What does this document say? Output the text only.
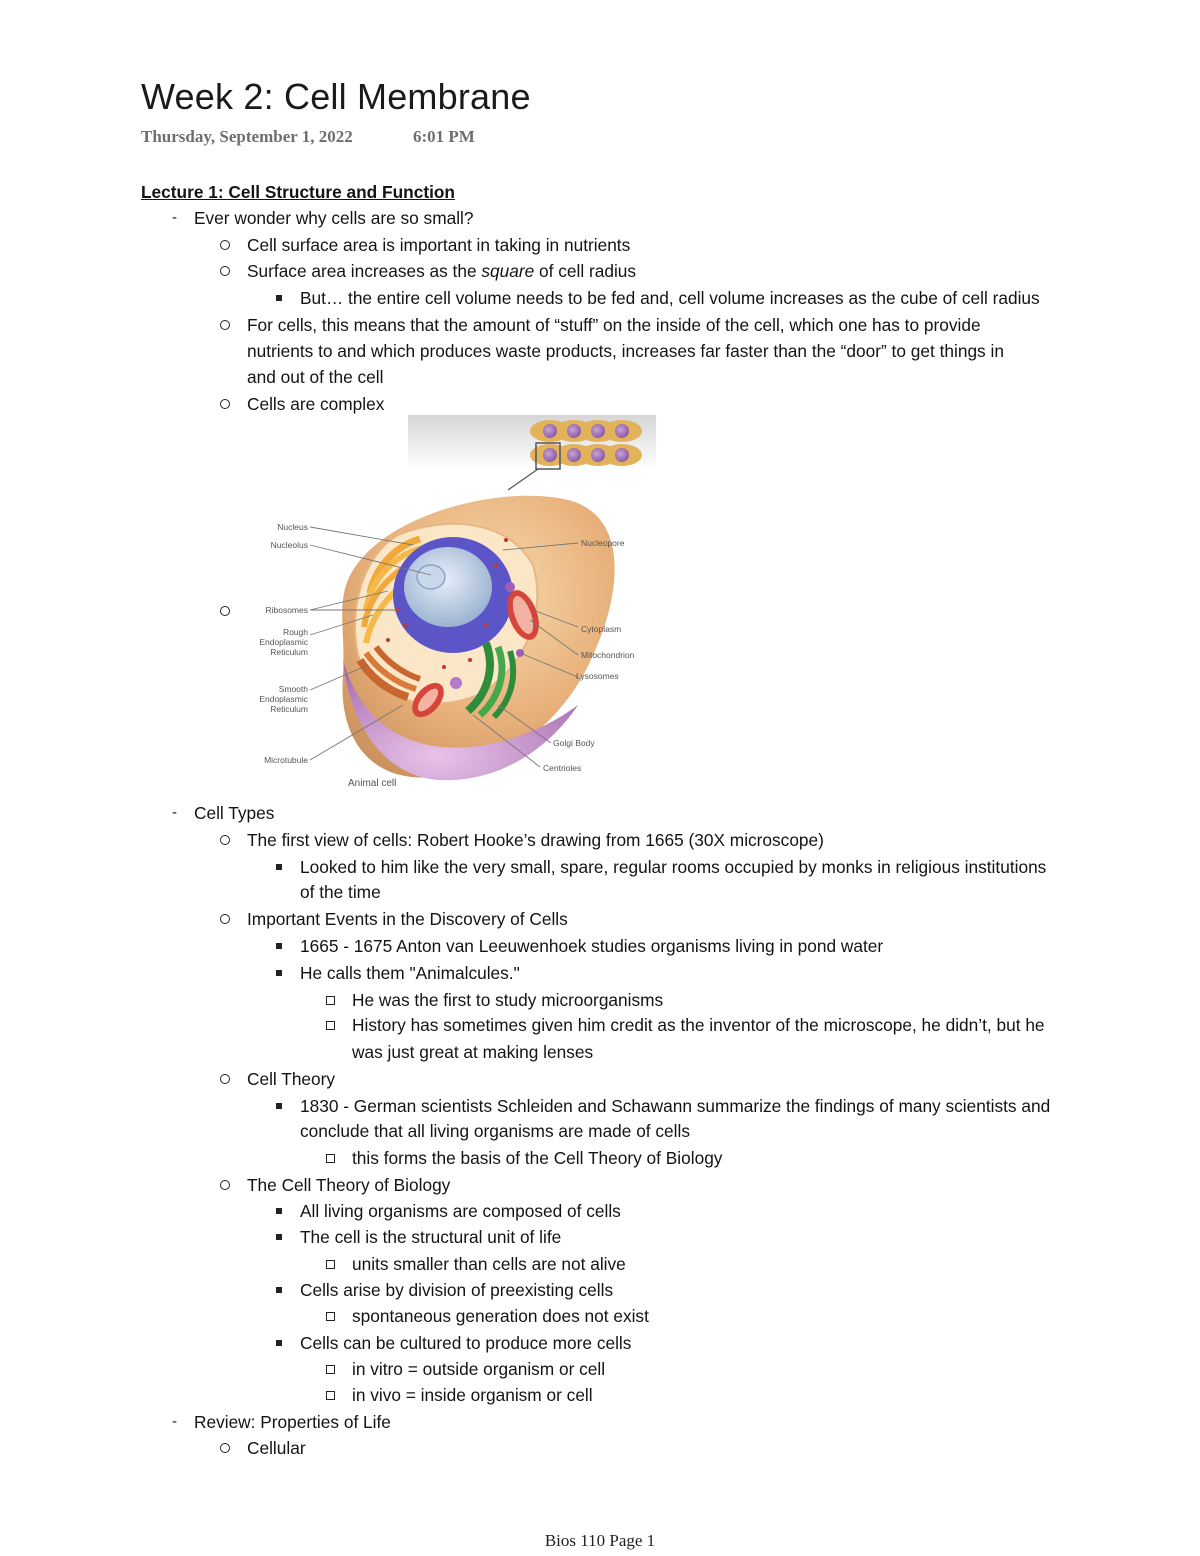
Week 2: Cell Membrane
Thursday, September 1, 2022	6:01 PM
Lecture 1: Cell Structure and Function
- Ever wonder why cells are so small?
Cell surface area is important in taking in nutrients
Surface area increases as the square of cell radius
But… the entire cell volume needs to be fed and, cell volume increases as the cube of cell radius
For cells, this means that the amount of “stuff” on the inside of the cell, which one has to provide
nutrients to and which produces waste products, increases far faster than the “door” to get things in
and out of the cell
Cells are complex
Nucleus
Nucleolus
Ribosomes
Rough
Endoplasmic
Reticulum
Smooth
Endoplasmic
Reticulum
Microtubule
Nucleopore
Cytoplasm
Mitochondrion
Lysosomes
Golgi Body
Centrioles
Animal cell
- Cell Types
The first view of cells: Robert Hooke’s drawing from 1665 (30X microscope)
Looked to him like the very small, spare, regular rooms occupied by monks in religious institutions
of the time
Important Events in the Discovery of Cells
1665 - 1675 Anton van Leeuwenhoek studies organisms living in pond water
He calls them "Animalcules."
He was the first to study microorganisms
History has sometimes given him credit as the inventor of the microscope, he didn’t, but he
was just great at making lenses
Cell Theory
1830 - German scientists Schleiden and Schawann summarize the findings of many scientists and
conclude that all living organisms are made of cells
this forms the basis of the Cell Theory of Biology
The Cell Theory of Biology
All living organisms are composed of cells
The cell is the structural unit of life
units smaller than cells are not alive
Cells arise by division of preexisting cells
spontaneous generation does not exist
Cells can be cultured to produce more cells
in vitro = outside organism or cell
in vivo = inside organism or cell
- Review: Properties of Life
Cellular
Bios 110 Page 1
